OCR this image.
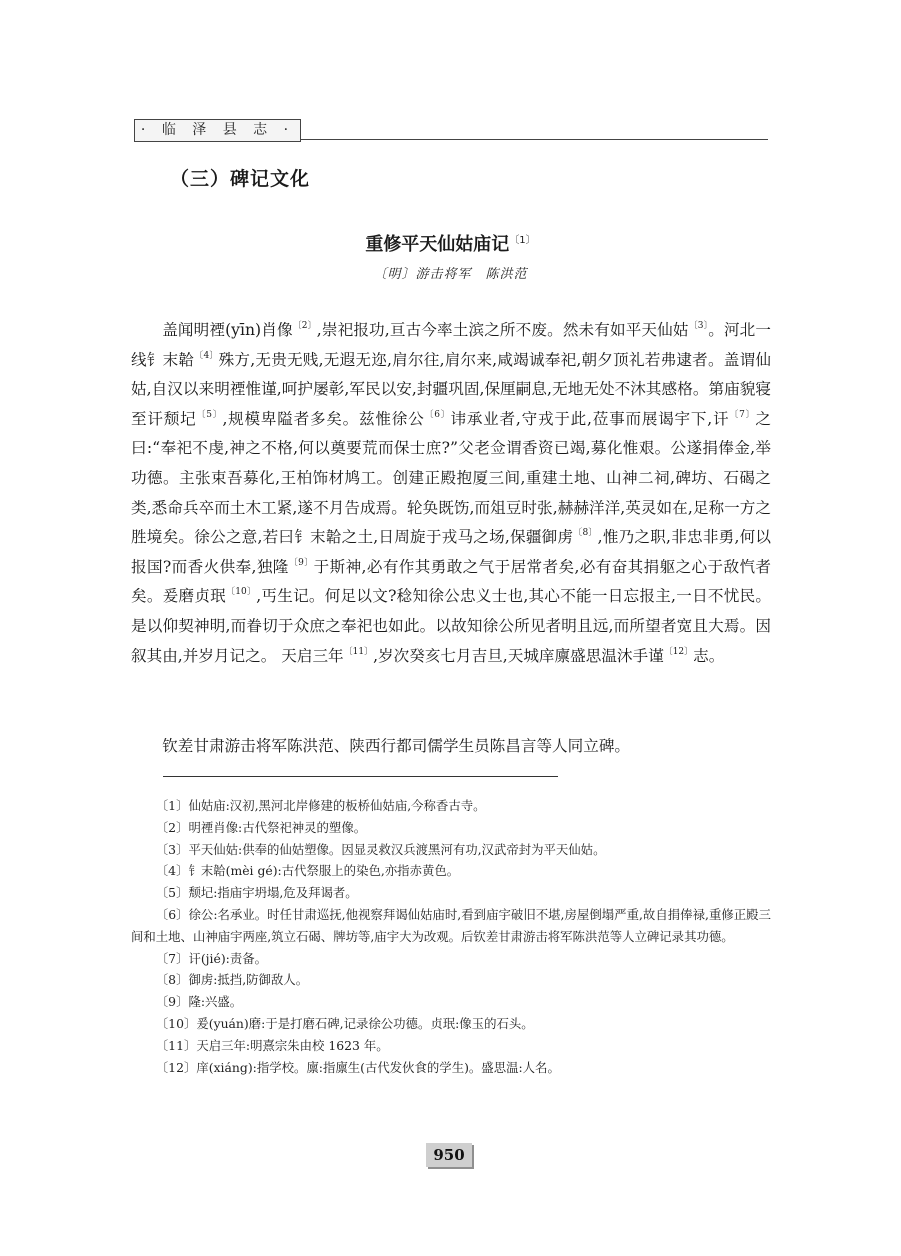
· 临 泽 县 志 ·
（三）碑记文化
重修平天仙姑庙记$^{〔1〕}$
〔明〕游击将军　陈洪范

盖闻明禋(yīn)肖像$^{〔2〕}$,崇祀报功,亘古今率土滨之所不废。然未有如平天仙姑$^{〔3〕}$。河北一线钅末韐$^{〔4〕}$殊方,无贵无贱,无遐无迩,肩尔往,肩尔来,咸竭诚奉祀,朝夕顶礼若弗逮者。盖谓仙姑,自汉以来明禋惟谨,呵护屡彰,军民以安,封疆巩固,保厘嗣息,无地无处不沐其感格。第庙貌寝至讦颓圮$^{〔5〕}$,规模卑隘者多矣。兹惟徐公$^{〔6〕}$讳承业者,守戎于此,莅事而展谒宇下,讦$^{〔7〕}$之曰:“奉祀不虔,神之不格,何以奠要荒而保士庶?”父老佥谓香资已竭,募化惟艰。公遂捐俸金,举功德。主张束吾募化,王柏饰材鸠工。创建正殿抱厦三间,重建土地、山神二祠,碑坊、石碣之类,悉命兵卒而土木工紧,遂不月告成焉。轮奂既饬,而俎豆时张,赫赫洋洋,英灵如在,足称一方之胜境矣。徐公之意,若曰钅末韐之土,日周旋于戎马之场,保疆御虏$^{〔8〕}$,惟乃之职,非忠非勇,何以报国?而香火供奉,独隆$^{〔9〕}$于斯神,必有作其勇敢之气于居常者矣,必有奋其捐躯之心于敌忾者矣。爰磨贞珉$^{〔10〕}$,丐生记。何足以文?稔知徐公忠义士也,其心不能一日忘报主,一日不忧民。是以仰契神明,而眷切于众庶之奉祀也如此。以故知徐公所见者明且远,而所望者宽且大焉。因叙其由,并岁月记之。 天启三年$^{〔11〕}$,岁次癸亥七月吉旦,天城庠廪盛思温沐手谨$^{〔12〕}$志。

钦差甘肃游击将军陈洪范、陕西行都司儒学生员陈昌言等人同立碑。

〔1〕仙姑庙:汉初,黑河北岸修建的板桥仙姑庙,今称香古寺。
〔2〕明禋肖像:古代祭祀神灵的塑像。
〔3〕平天仙姑:供奉的仙姑塑像。因显灵救汉兵渡黑河有功,汉武帝封为平天仙姑。
〔4〕钅末韐(mèi gé):古代祭服上的染色,亦指赤黄色。
〔5〕颓圮:指庙宇坍塌,危及拜谒者。
〔6〕徐公:名承业。时任甘肃巡抚,他视察拜谒仙姑庙时,看到庙宇破旧不堪,房屋倒塌严重,故自捐俸禄,重修正殿三间和土地、山神庙宇两座,筑立石碣、牌坊等,庙宇大为改观。后钦差甘肃游击将军陈洪范等人立碑记录其功德。
〔7〕讦(jié):责备。
〔8〕御虏:抵挡,防御敌人。
〔9〕隆:兴盛。
〔10〕爰(yuán)磨:于是打磨石碑,记录徐公功德。贞珉:像玉的石头。
〔11〕天启三年:明熹宗朱由校 1623 年。
〔12〕庠(xiáng):指学校。廪:指廪生(古代发伙食的学生)。盛思温:人名。
950
